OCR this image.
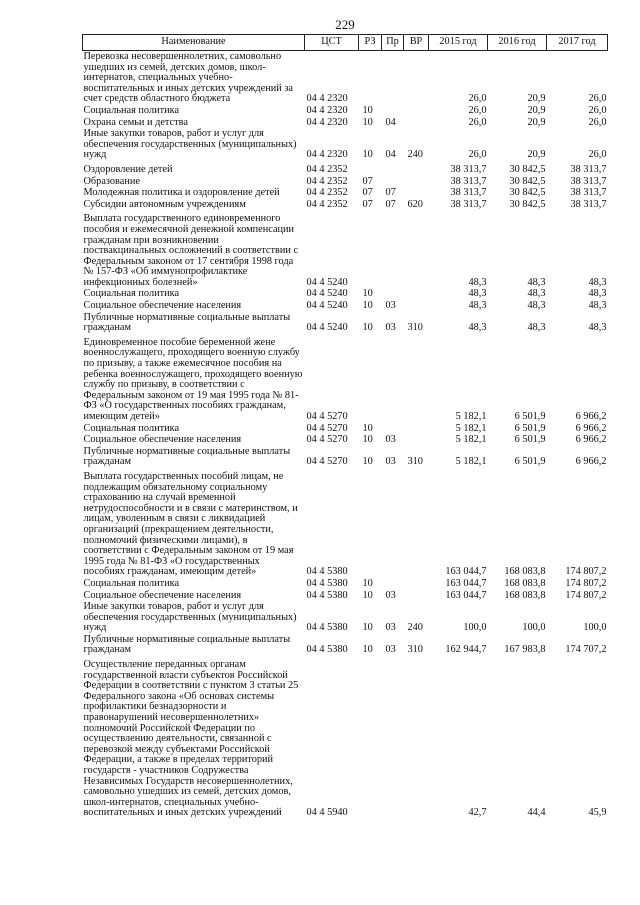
229
Наименование	ЦСТ	РЗ	Пр	ВР	2015 год	2016 год	2017 год
Перевозка несовершеннолетних, самовольно ушедших из семей, детских домов, школ-интернатов, специальных учебно-воспитательных и иных детских учреждений за счет средств областного бюджета	04 4 2320				26,0	20,9	26,0
Социальная политика	04 4 2320	10			26,0	20,9	26,0
Охрана семьи и детства	04 4 2320	10	04		26,0	20,9	26,0
Иные закупки товаров, работ и услуг для обеспечения государственных (муниципальных) нужд	04 4 2320	10	04	240	26,0	20,9	26,0
Оздоровление детей	04 4 2352				38 313,7	30 842,5	38 313,7
Образование	04 4 2352	07			38 313,7	30 842,5	38 313,7
Молодежная политика и оздоровление детей	04 4 2352	07	07		38 313,7	30 842,5	38 313,7
Субсидии автономным учреждениям	04 4 2352	07	07	620	38 313,7	30 842,5	38 313,7
Выплата государственного единовременного пособия и ежемесячной денежной компенсации гражданам при возникновении поствакцинальных осложнений в соответствии с Федеральным законом от 17 сентября 1998 года № 157-ФЗ «Об иммунопрофилактике инфекционных болезней»	04 4 5240				48,3	48,3	48,3
Социальная политика	04 4 5240	10			48,3	48,3	48,3
Социальное обеспечение населения	04 4 5240	10	03		48,3	48,3	48,3
Публичные нормативные социальные выплаты гражданам	04 4 5240	10	03	310	48,3	48,3	48,3
Единовременное пособие беременной жене военнослужащего, проходящего военную службу по призыву, а также ежемесячное пособия на ребенка военнослужащего, проходящего военную службу по призыву, в соответствии с Федеральным законом от 19 мая 1995 года № 81-ФЗ «О государственных пособиях гражданам, имеющим детей»	04 4 5270				5 182,1	6 501,9	6 966,2
Социальная политика	04 4 5270	10			5 182,1	6 501,9	6 966,2
Социальное обеспечение населения	04 4 5270	10	03		5 182,1	6 501,9	6 966,2
Публичные нормативные социальные выплаты гражданам	04 4 5270	10	03	310	5 182,1	6 501,9	6 966,2
Выплата государственных пособий лицам, не подлежащим обязательному социальному страхованию на случай временной нетрудоспособности и в связи с материнством, и лицам, уволенным в связи с ликвидацией организаций (прекращением деятельности, полномочий физическими лицами), в соответствии с Федеральным законом от 19 мая 1995 года № 81-ФЗ «О государственных пособиях гражданам, имеющим детей»	04 4 5380				163 044,7	168 083,8	174 807,2
Социальная политика	04 4 5380	10			163 044,7	168 083,8	174 807,2
Социальное обеспечение населения	04 4 5380	10	03		163 044,7	168 083,8	174 807,2
Иные закупки товаров, работ и услуг для обеспечения государственных (муниципальных) нужд	04 4 5380	10	03	240	100,0	100,0	100,0
Публичные нормативные социальные выплаты гражданам	04 4 5380	10	03	310	162 944,7	167 983,8	174 707,2
Осуществление переданных органам государственной власти субъектов Российской Федерации в соответствии с пунктом 3 статьи 25 Федерального закона «Об основах системы профилактики безнадзорности и правонарушений несовершеннолетних» полномочий Российской Федерации по осуществлению деятельности, связанной с перевозкой между субъектами Российской Федерации, а также в пределах территорий государств - участников Содружества Независимых Государств несовершеннолетних, самовольно ушедших из семей, детских домов, школ-интернатов, специальных учебно-воспитательных и иных детских учреждений	04 4 5940				42,7	44,4	45,9
